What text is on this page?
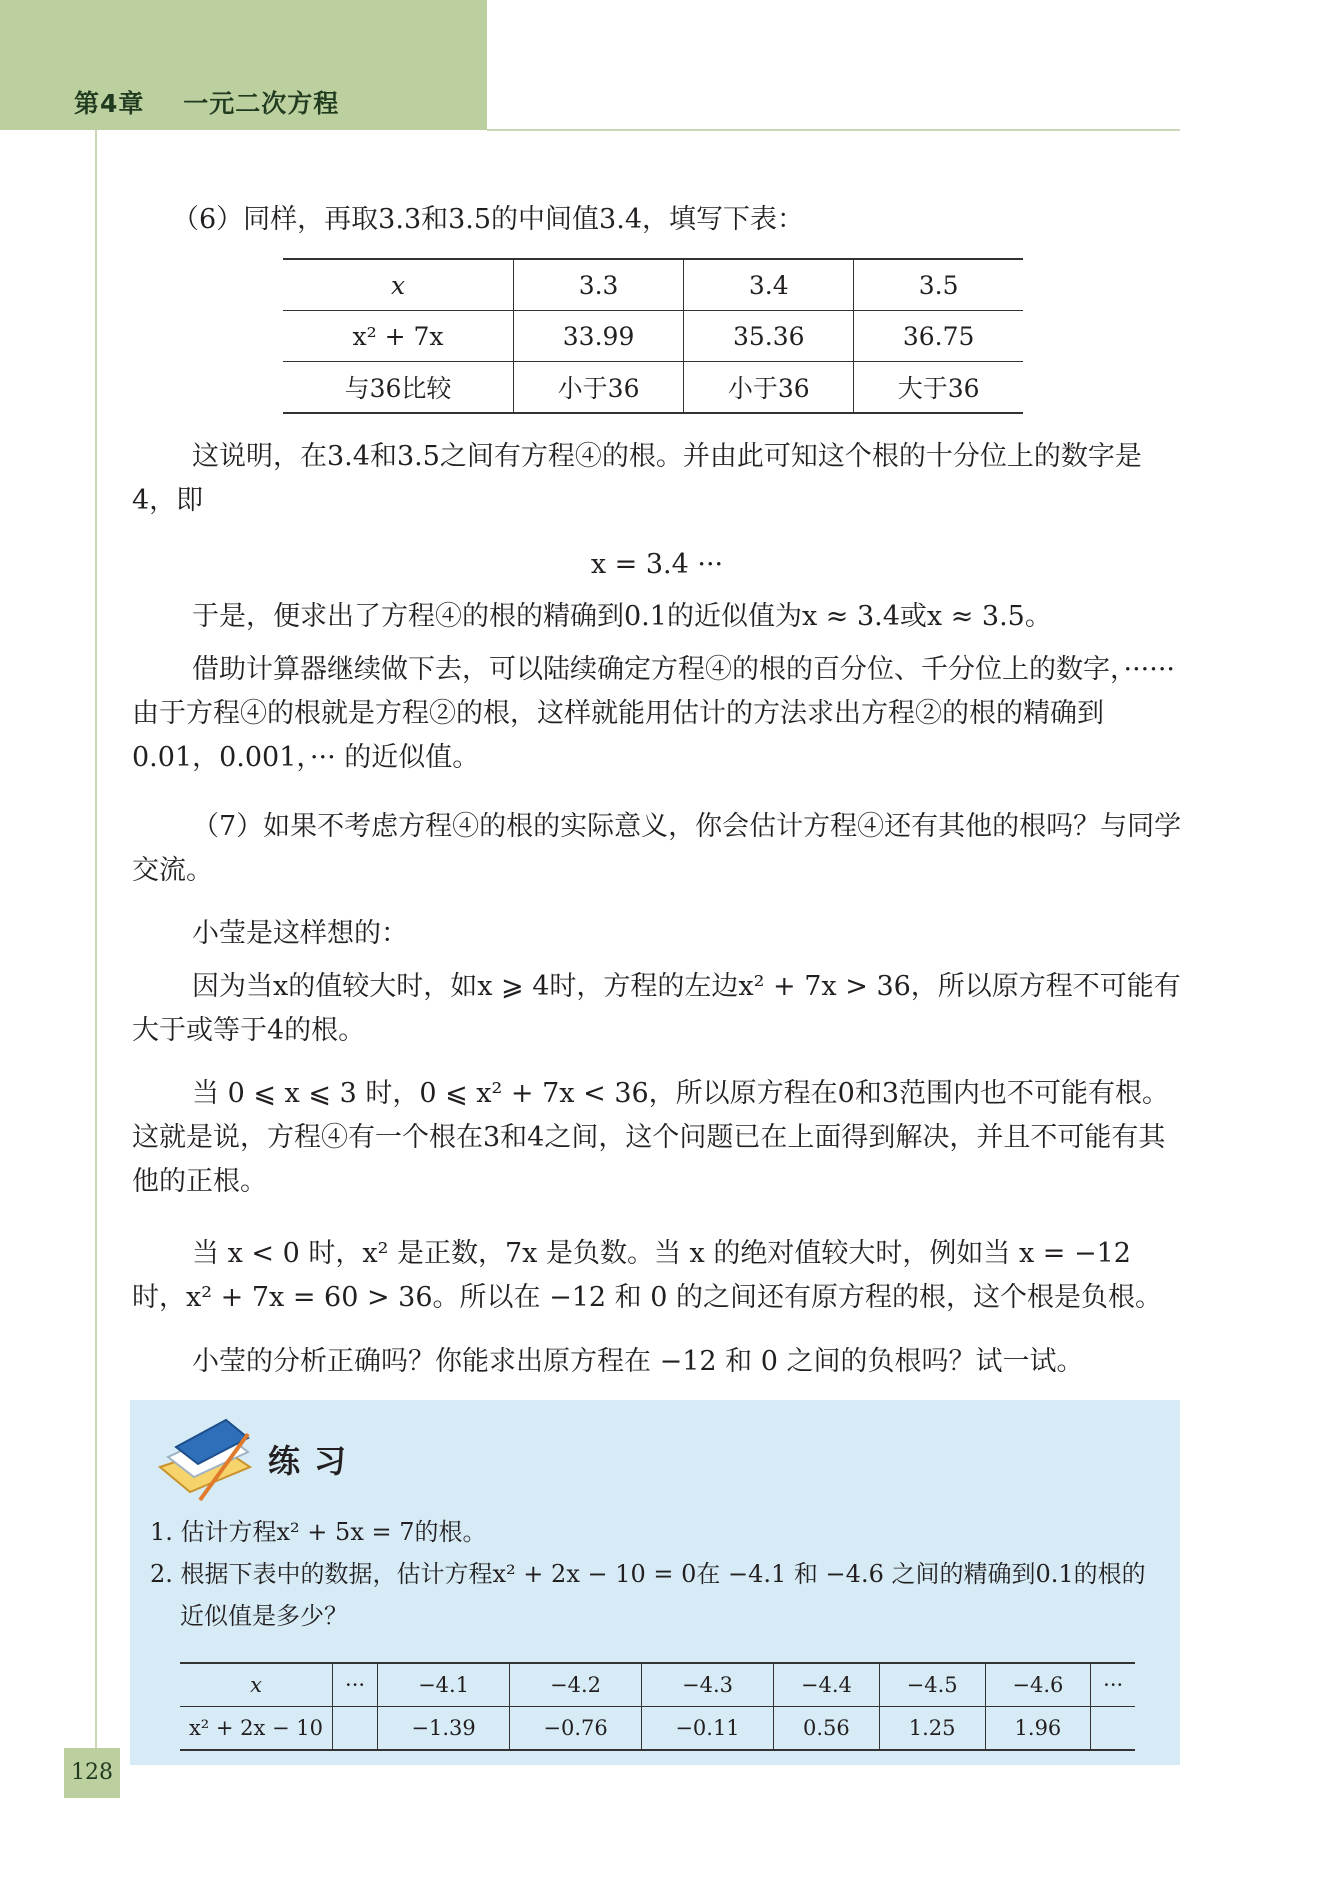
第4章    一元二次方程
（6）同样，再取3.3和3.5的中间值3.4，填写下表：
x	3.3	3.4	3.5
x² + 7x	33.99	35.36	36.75
与36比较	小于36	小于36	大于36
这说明，在3.4和3.5之间有方程④的根。并由此可知这个根的十分位上的数字是4，即
x = 3.4 ···
于是，便求出了方程④的根的精确到0.1的近似值为x ≈ 3.4或x ≈ 3.5。
借助计算器继续做下去，可以陆续确定方程④的根的百分位、千分位上的数字，······由于方程④的根就是方程②的根，这样就能用估计的方法求出方程②的根的精确到0.01，0.001，··· 的近似值。
（7）如果不考虑方程④的根的实际意义，你会估计方程④还有其他的根吗？与同学交流。
小莹是这样想的：
因为当x的值较大时，如x ⩾ 4时，方程的左边x² + 7x > 36，所以原方程不可能有大于或等于4的根。
当 0 ⩽ x ⩽ 3 时，0 ⩽ x² + 7x < 36，所以原方程在0和3范围内也不可能有根。这就是说，方程④有一个根在3和4之间，这个问题已在上面得到解决，并且不可能有其他的正根。
当 x < 0 时，x² 是正数，7x 是负数。当 x 的绝对值较大时，例如当 x = −12 时，x² + 7x = 60 > 36。所以在 −12 和 0 的之间还有原方程的根，这个根是负根。
小莹的分析正确吗？你能求出原方程在 −12 和 0 之间的负根吗？试一试。
练习
1. 估计方程x² + 5x = 7的根。
2. 根据下表中的数据，估计方程x² + 2x − 10 = 0在 −4.1 和 −4.6 之间的精确到0.1的根的
近似值是多少？
x	···	−4.1	−4.2	−4.3	−4.4	−4.5	−4.6	···
x² + 2x − 10		−1.39	−0.76	−0.11	0.56	1.25	1.96	
128
